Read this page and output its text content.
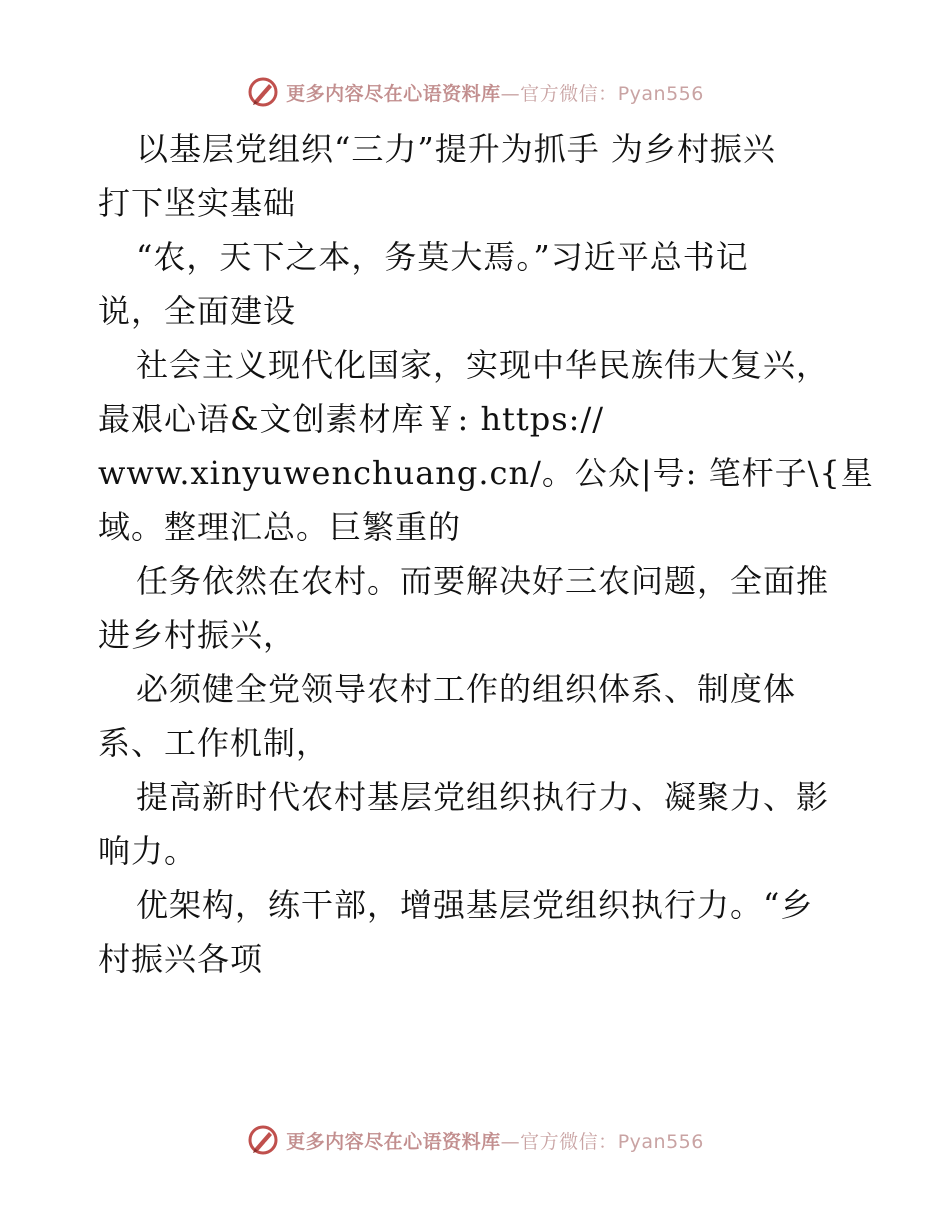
更多内容尽在心语资料库—官方微信：Pyan556

以基层党组织“三力”提升为抓手 为乡村振兴
打下坚实基础

“农，天下之本，务莫大焉。”习近平总书记
说，全面建设

社会主义现代化国家，实现中华民族伟大复兴，
最艰心语&文创素材库￥: https://
www.xinyuwenchuang.cn/。公众|号: 笔杆子\{星
域。整理汇总。巨繁重的

任务依然在农村。而要解决好三农问题，全面推
进乡村振兴，

必须健全党领导农村工作的组织体系、制度体
系、工作机制，

提高新时代农村基层党组织执行力、凝聚力、影
响力。

优架构，练干部，增强基层党组织执行力。“乡
村振兴各项

更多内容尽在心语资料库—官方微信：Pyan556
